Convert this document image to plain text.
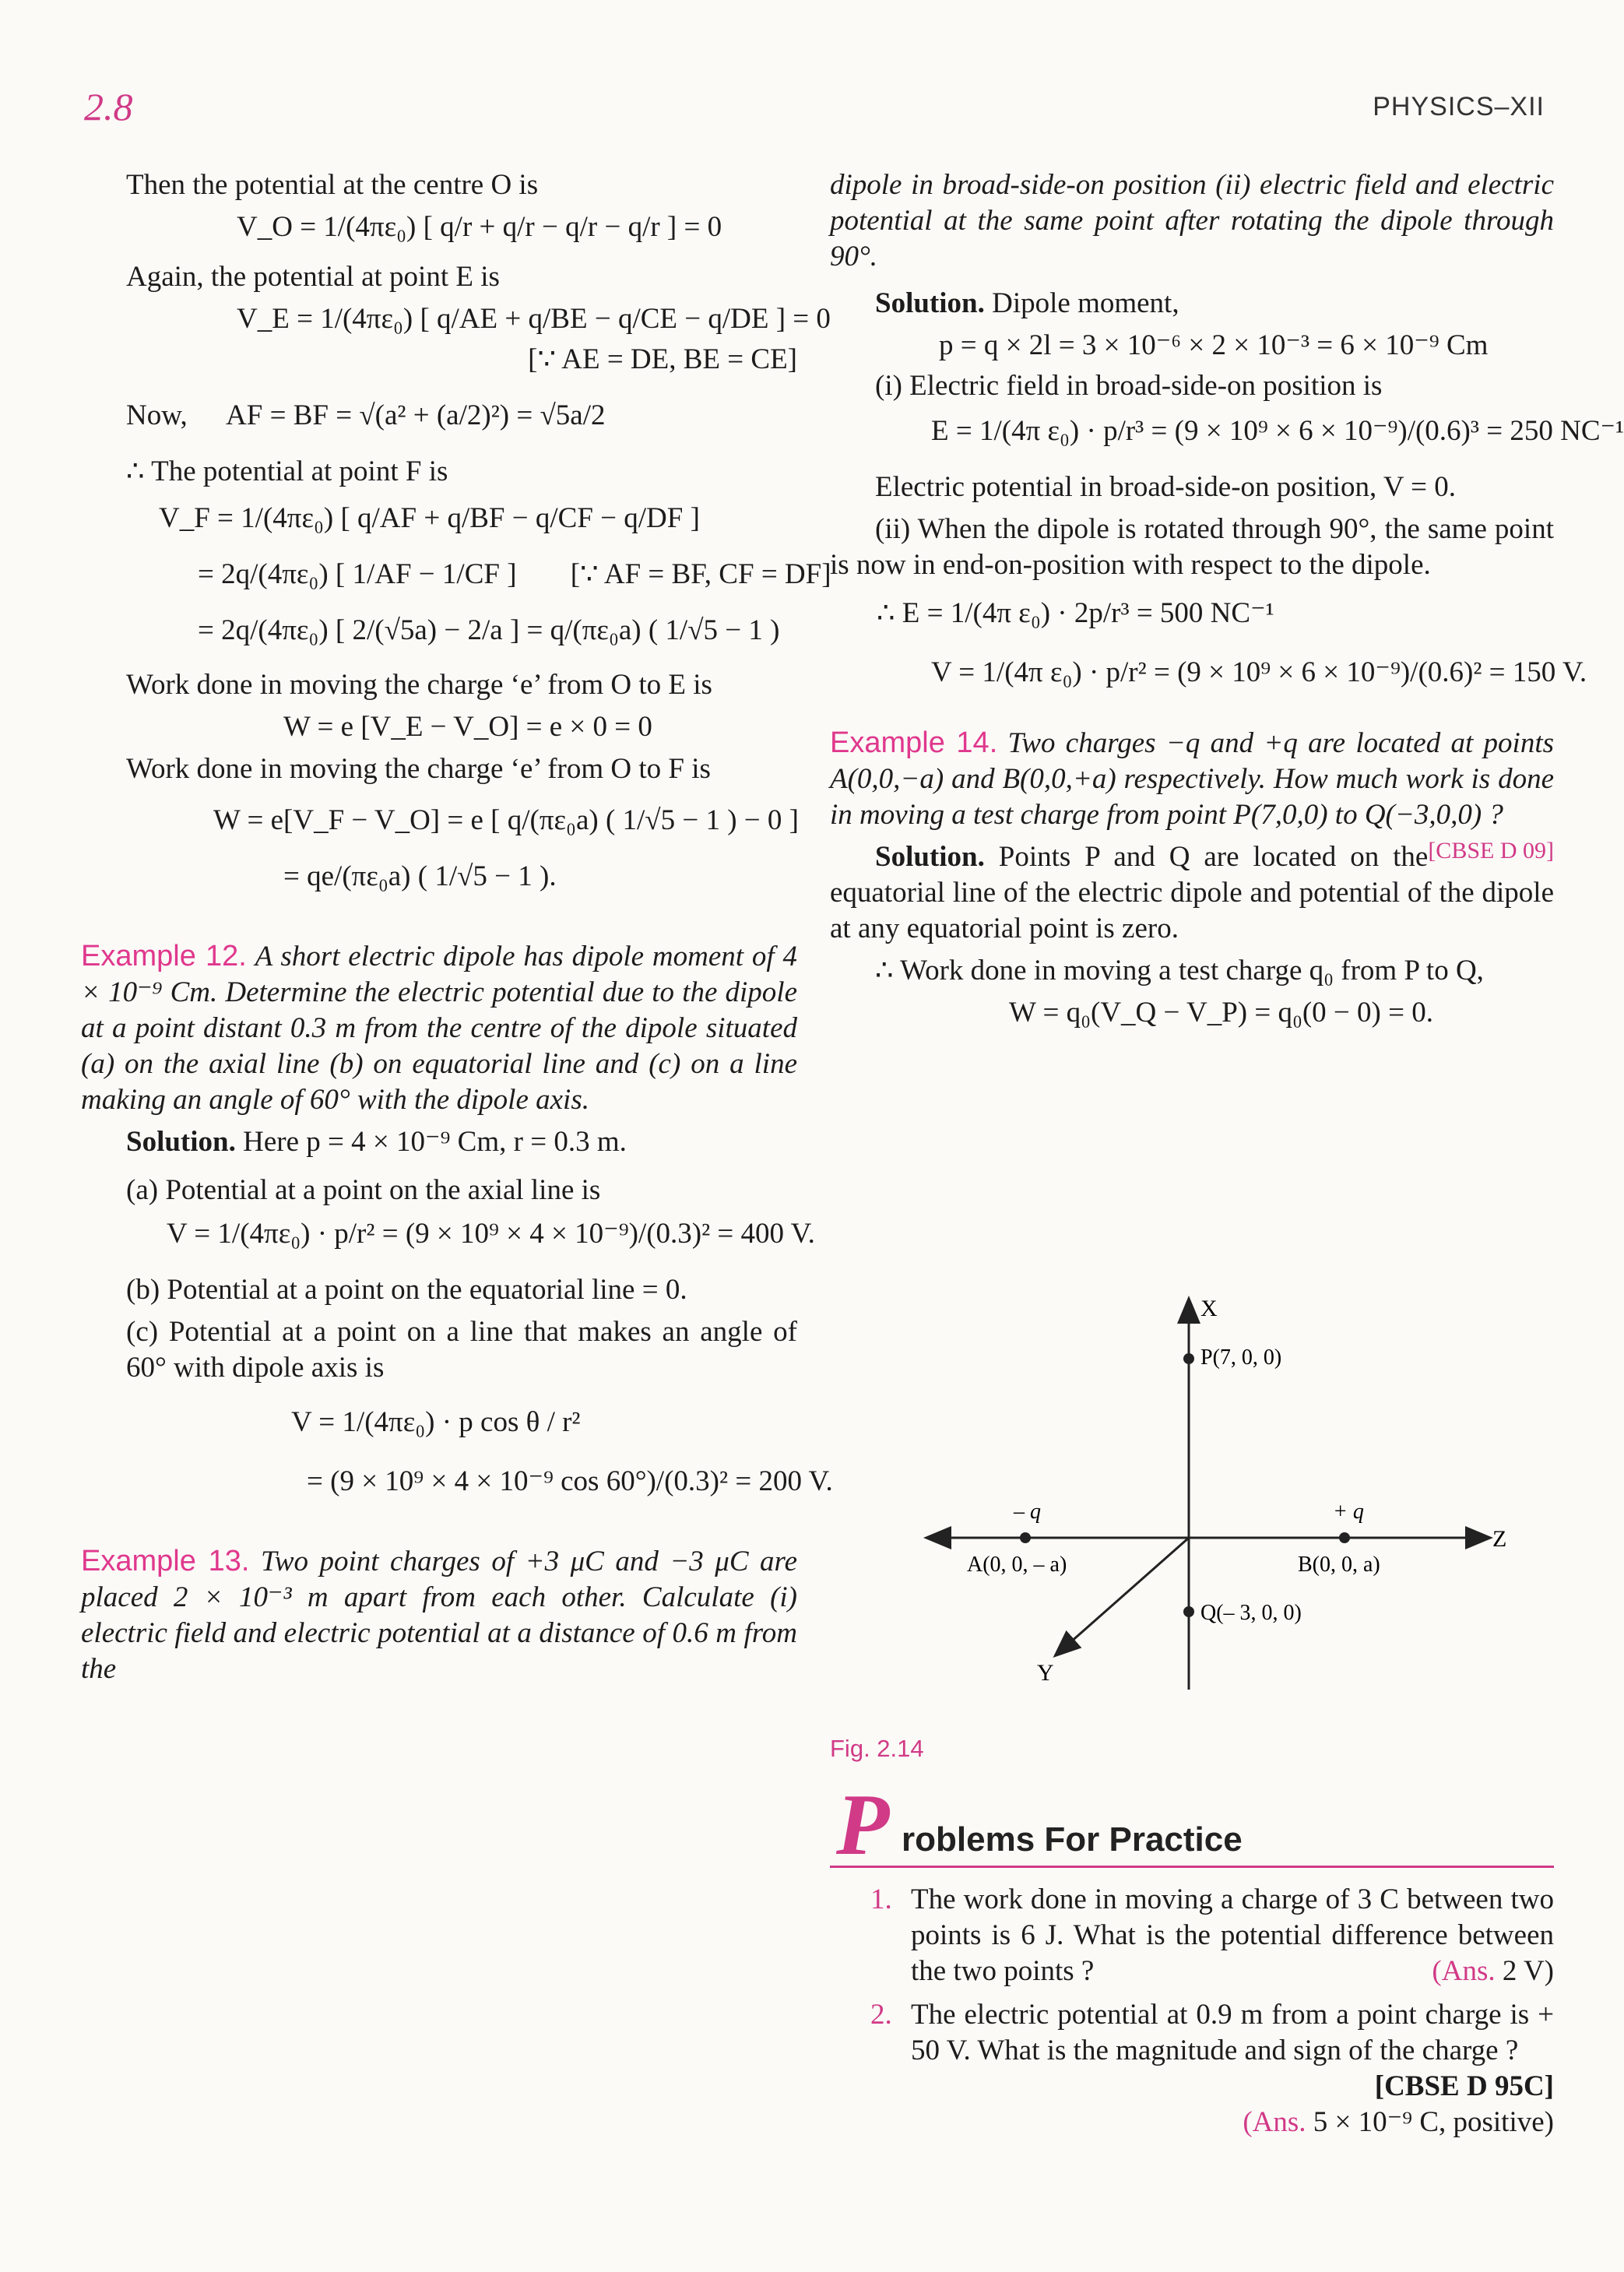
2.8	PHYSICS–XII

Then the potential at the centre O is

V_O = 1/(4πε₀) [ q/r + q/r − q/r − q/r ] = 0

Again, the potential at point E is

V_E = 1/(4πε₀) [ q/AE + q/BE − q/CE − q/DE ] = 0
[∵ AE = DE, BE = CE]
Now, AF = BF = √(a² + (a/2)²) = √5a/2

∴ The potential at point F is

V_F = 1/(4πε₀) [ q/AF + q/BF − q/CF − q/DF ]
= 2q/(4πε₀) [ 1/AF − 1/CF ] [∵ AF = BF, CF = DF]
= 2q/(4πε₀) [ 2/(√5a) − 2/a ] = q/(πε₀a) ( 1/√5 − 1 )

Work done in moving the charge ‘e’ from O to E is

W = e [V_E − V_O] = e × 0 = 0

Work done in moving the charge ‘e’ from O to F is

W = e[V_F − V_O] = e [ q/(πε₀a) ( 1/√5 − 1 ) − 0 ]
= qe/(πε₀a) ( 1/√5 − 1 ).

Example 12. A short electric dipole has dipole moment of 4 × 10⁻⁹ Cm. Determine the electric potential due to the dipole at a point distant 0.3 m from the centre of the dipole situated (a) on the axial line (b) on equatorial line and (c) on a line making an angle of 60° with the dipole axis.

Solution. Here p = 4 × 10⁻⁹ Cm, r = 0.3 m.

(a) Potential at a point on the axial line is

V = 1/(4πε₀) · p/r² = (9 × 10⁹ × 4 × 10⁻⁹)/(0.3)² = 400 V.

(b) Potential at a point on the equatorial line = 0.

(c) Potential at a point on a line that makes an angle of 60° with dipole axis is

V = 1/(4πε₀) · p cos θ / r²
= (9 × 10⁹ × 4 × 10⁻⁹ cos 60°)/(0.3)² = 200 V.

Example 13. Two point charges of +3 μC and −3 μC are placed 2 × 10⁻³ m apart from each other. Calculate (i) electric field and electric potential at a distance of 0.6 m from the

dipole in broad-side-on position (ii) electric field and electric potential at the same point after rotating the dipole through 90°.

Solution. Dipole moment,

p = q × 2l = 3 × 10⁻⁶ × 2 × 10⁻³ = 6 × 10⁻⁹ Cm

(i) Electric field in broad-side-on position is

E = 1/(4π ε₀) · p/r³ = (9 × 10⁹ × 6 × 10⁻⁹)/(0.6)³ = 250 NC⁻¹

Electric potential in broad-side-on position, V = 0.

(ii) When the dipole is rotated through 90°, the same point is now in end-on-position with respect to the dipole.

∴ E = 1/(4π ε₀) · 2p/r³ = 500 NC⁻¹
V = 1/(4π ε₀) · p/r² = (9 × 10⁹ × 6 × 10⁻⁹)/(0.6)² = 150 V.

Example 14. Two charges −q and +q are located at points A(0,0,−a) and B(0,0,+a) respectively. How much work is done in moving a test charge from point P(7,0,0) to Q(−3,0,0) ?
[CBSE D 09]

Solution. Points P and Q are located on the equatorial line of the electric dipole and potential of the dipole at any equatorial point is zero.

∴ Work done in moving a test charge q₀ from P to Q,

W = q₀(V_Q − V_P) = q₀(0 − 0) = 0.
X
Z
Y
P(7, 0, 0)
Q(– 3, 0, 0)
– q
A(0, 0, – a)
+ q
B(0, 0, a)
Fig. 2.14
P roblems For Practice
1. The work done in moving a charge of 3 C between two points is 6 J. What is the potential difference between the two points ?	(Ans. 2 V)
2. The electric potential at 0.9 m from a point charge is + 50 V. What is the magnitude and sign of the charge ?
[CBSE D 95C]
(Ans. 5 × 10⁻⁹ C, positive)
